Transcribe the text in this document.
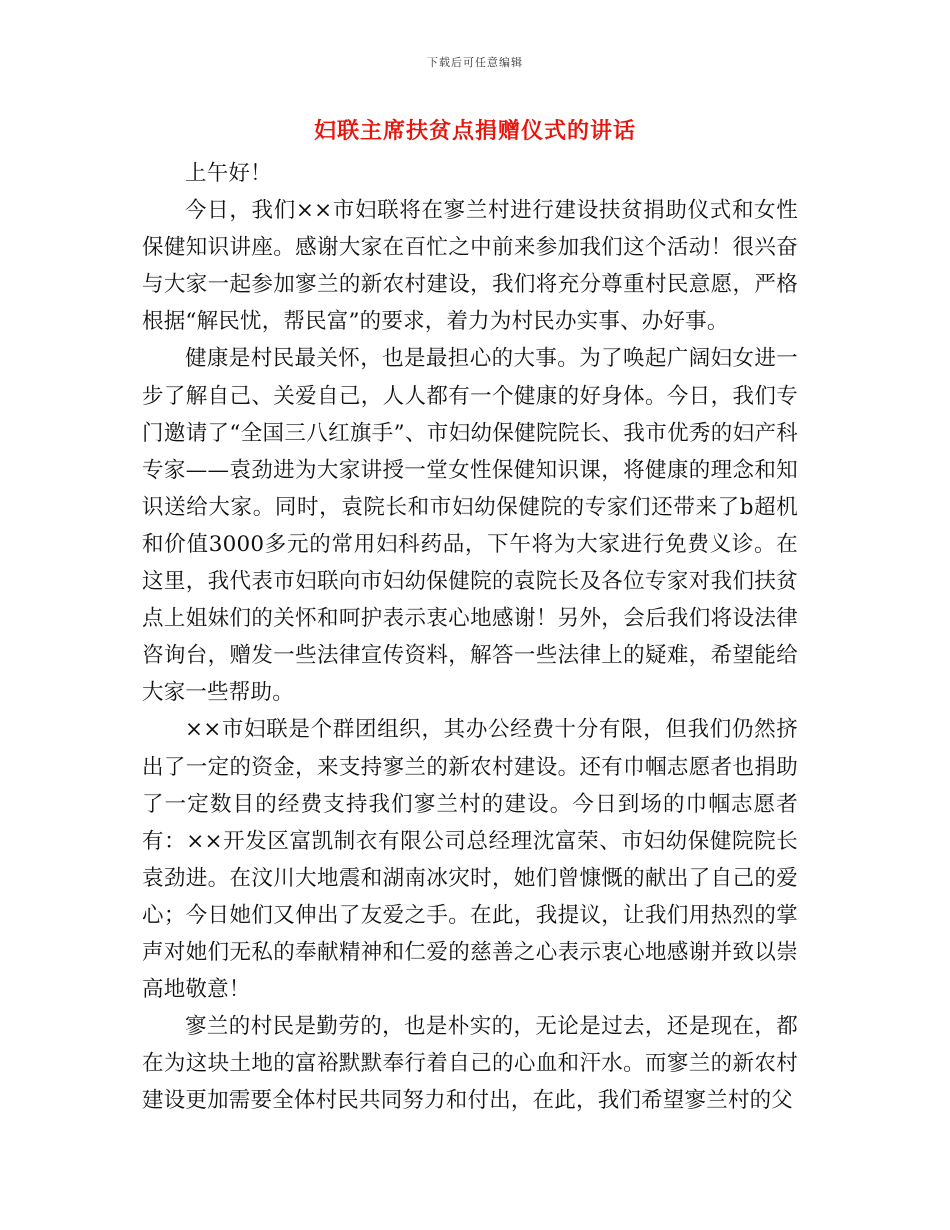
下载后可任意编辑
妇联主席扶贫点捐赠仪式的讲话

上午好！

今日，我们××市妇联将在寥兰村进行建设扶贫捐助仪式和女性保健知识讲座。感谢大家在百忙之中前来参加我们这个活动！很兴奋与大家一起参加寥兰的新农村建设，我们将充分尊重村民意愿，严格根据“解民忧，帮民富”的要求，着力为村民办实事、办好事。

健康是村民最关怀，也是最担心的大事。为了唤起广阔妇女进一步了解自己、关爱自己，人人都有一个健康的好身体。今日，我们专门邀请了“全国三八红旗手”、市妇幼保健院院长、我市优秀的妇产科专家——袁劲进为大家讲授一堂女性保健知识课，将健康的理念和知识送给大家。同时，袁院长和市妇幼保健院的专家们还带来了b超机和价值3000多元的常用妇科药品，下午将为大家进行免费义诊。在这里，我代表市妇联向市妇幼保健院的袁院长及各位专家对我们扶贫点上姐妹们的关怀和呵护表示衷心地感谢！另外，会后我们将设法律咨询台，赠发一些法律宣传资料，解答一些法律上的疑难，希望能给大家一些帮助。

××市妇联是个群团组织，其办公经费十分有限，但我们仍然挤出了一定的资金，来支持寥兰的新农村建设。还有巾帼志愿者也捐助了一定数目的经费支持我们寥兰村的建设。今日到场的巾帼志愿者有：××开发区富凯制衣有限公司总经理沈富荣、市妇幼保健院院长袁劲进。在汶川大地震和湖南冰灾时，她们曾慷慨的献出了自己的爱心；今日她们又伸出了友爱之手。在此，我提议，让我们用热烈的掌声对她们无私的奉献精神和仁爱的慈善之心表示衷心地感谢并致以崇高地敬意！

寥兰的村民是勤劳的，也是朴实的，无论是过去，还是现在，都在为这块土地的富裕默默奉行着自己的心血和汗水。而寥兰的新农村建设更加需要全体村民共同努力和付出，在此，我们希望寥兰村的父
